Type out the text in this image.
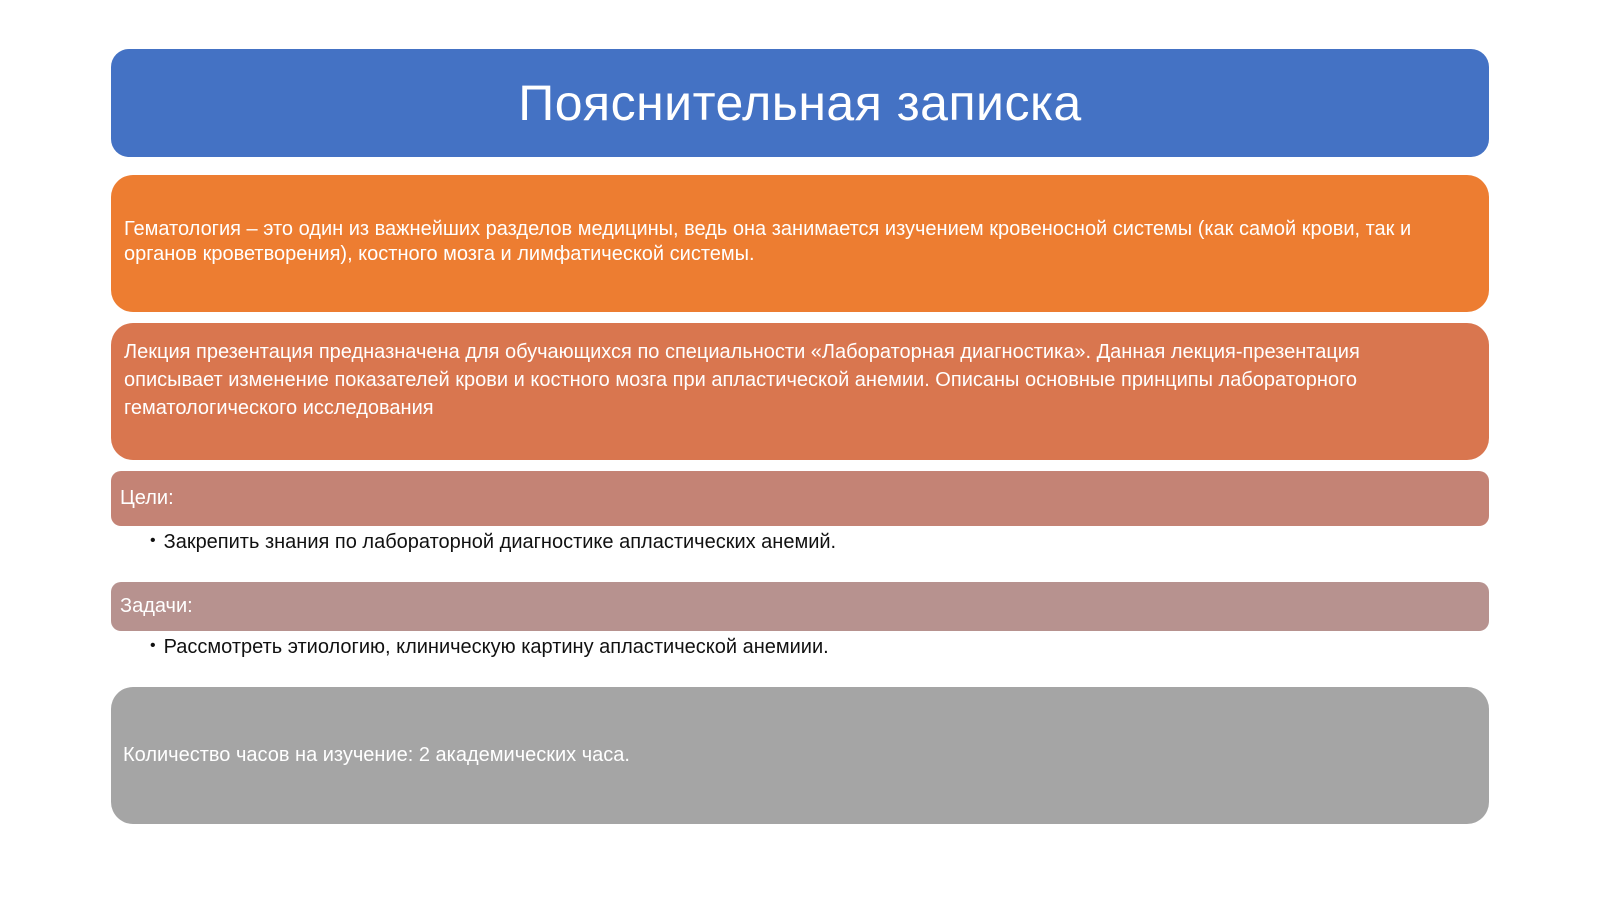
Пояснительная записка
Гематология – это один из важнейших разделов медицины, ведь она занимается изучением кровеносной системы (как самой крови, так и органов кроветворения), костного мозга и лимфатической системы.
Лекция презентация предназначена для обучающихся по специальности «Лабораторная диагностика». Данная лекция-презентация описывает изменение показателей крови и костного мозга при апластической анемии. Описаны основные принципы лабораторного гематологического исследования
Цели:
• Закрепить знания по лабораторной диагностике апластических анемий.
Задачи:
• Рассмотреть этиологию, клиническую картину апластической анемиии.
Количество часов на изучение: 2 академических часа.
